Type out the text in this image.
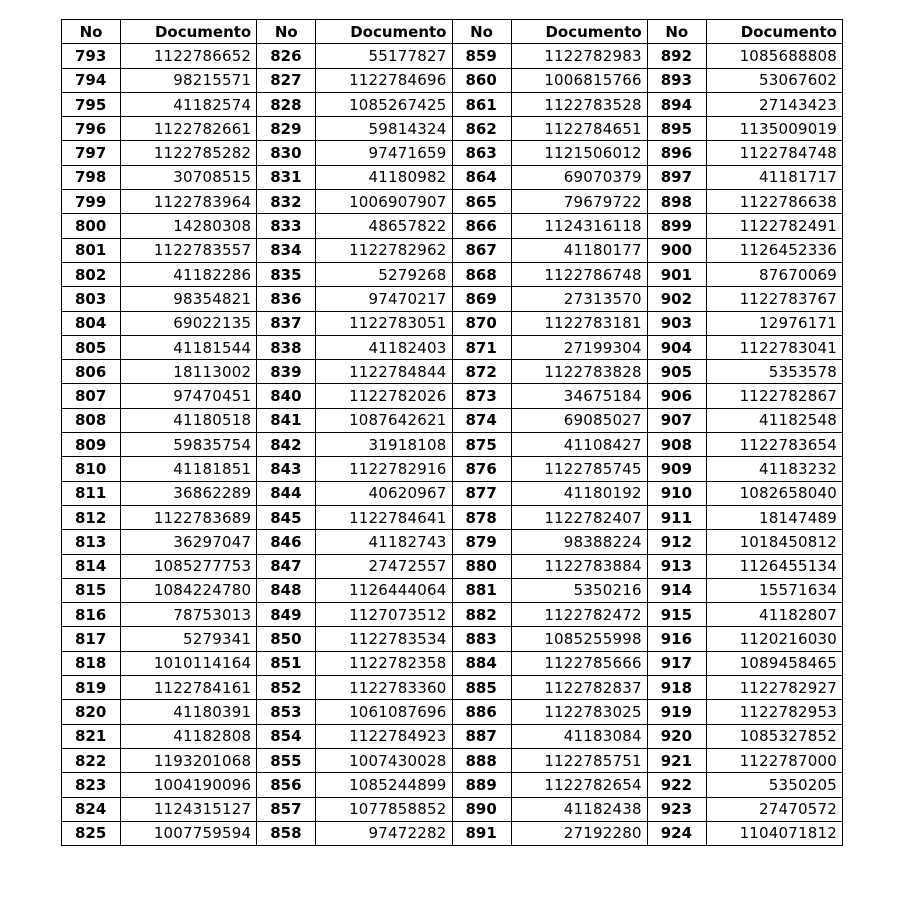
No	Documento	No	Documento	No	Documento	No	Documento
793	1122786652	826	55177827	859	1122782983	892	1085688808
794	98215571	827	1122784696	860	1006815766	893	53067602
795	41182574	828	1085267425	861	1122783528	894	27143423
796	1122782661	829	59814324	862	1122784651	895	1135009019
797	1122785282	830	97471659	863	1121506012	896	1122784748
798	30708515	831	41180982	864	69070379	897	41181717
799	1122783964	832	1006907907	865	79679722	898	1122786638
800	14280308	833	48657822	866	1124316118	899	1122782491
801	1122783557	834	1122782962	867	41180177	900	1126452336
802	41182286	835	5279268	868	1122786748	901	87670069
803	98354821	836	97470217	869	27313570	902	1122783767
804	69022135	837	1122783051	870	1122783181	903	12976171
805	41181544	838	41182403	871	27199304	904	1122783041
806	18113002	839	1122784844	872	1122783828	905	5353578
807	97470451	840	1122782026	873	34675184	906	1122782867
808	41180518	841	1087642621	874	69085027	907	41182548
809	59835754	842	31918108	875	41108427	908	1122783654
810	41181851	843	1122782916	876	1122785745	909	41183232
811	36862289	844	40620967	877	41180192	910	1082658040
812	1122783689	845	1122784641	878	1122782407	911	18147489
813	36297047	846	41182743	879	98388224	912	1018450812
814	1085277753	847	27472557	880	1122783884	913	1126455134
815	1084224780	848	1126444064	881	5350216	914	15571634
816	78753013	849	1127073512	882	1122782472	915	41182807
817	5279341	850	1122783534	883	1085255998	916	1120216030
818	1010114164	851	1122782358	884	1122785666	917	1089458465
819	1122784161	852	1122783360	885	1122782837	918	1122782927
820	41180391	853	1061087696	886	1122783025	919	1122782953
821	41182808	854	1122784923	887	41183084	920	1085327852
822	1193201068	855	1007430028	888	1122785751	921	1122787000
823	1004190096	856	1085244899	889	1122782654	922	5350205
824	1124315127	857	1077858852	890	41182438	923	27470572
825	1007759594	858	97472282	891	27192280	924	1104071812
